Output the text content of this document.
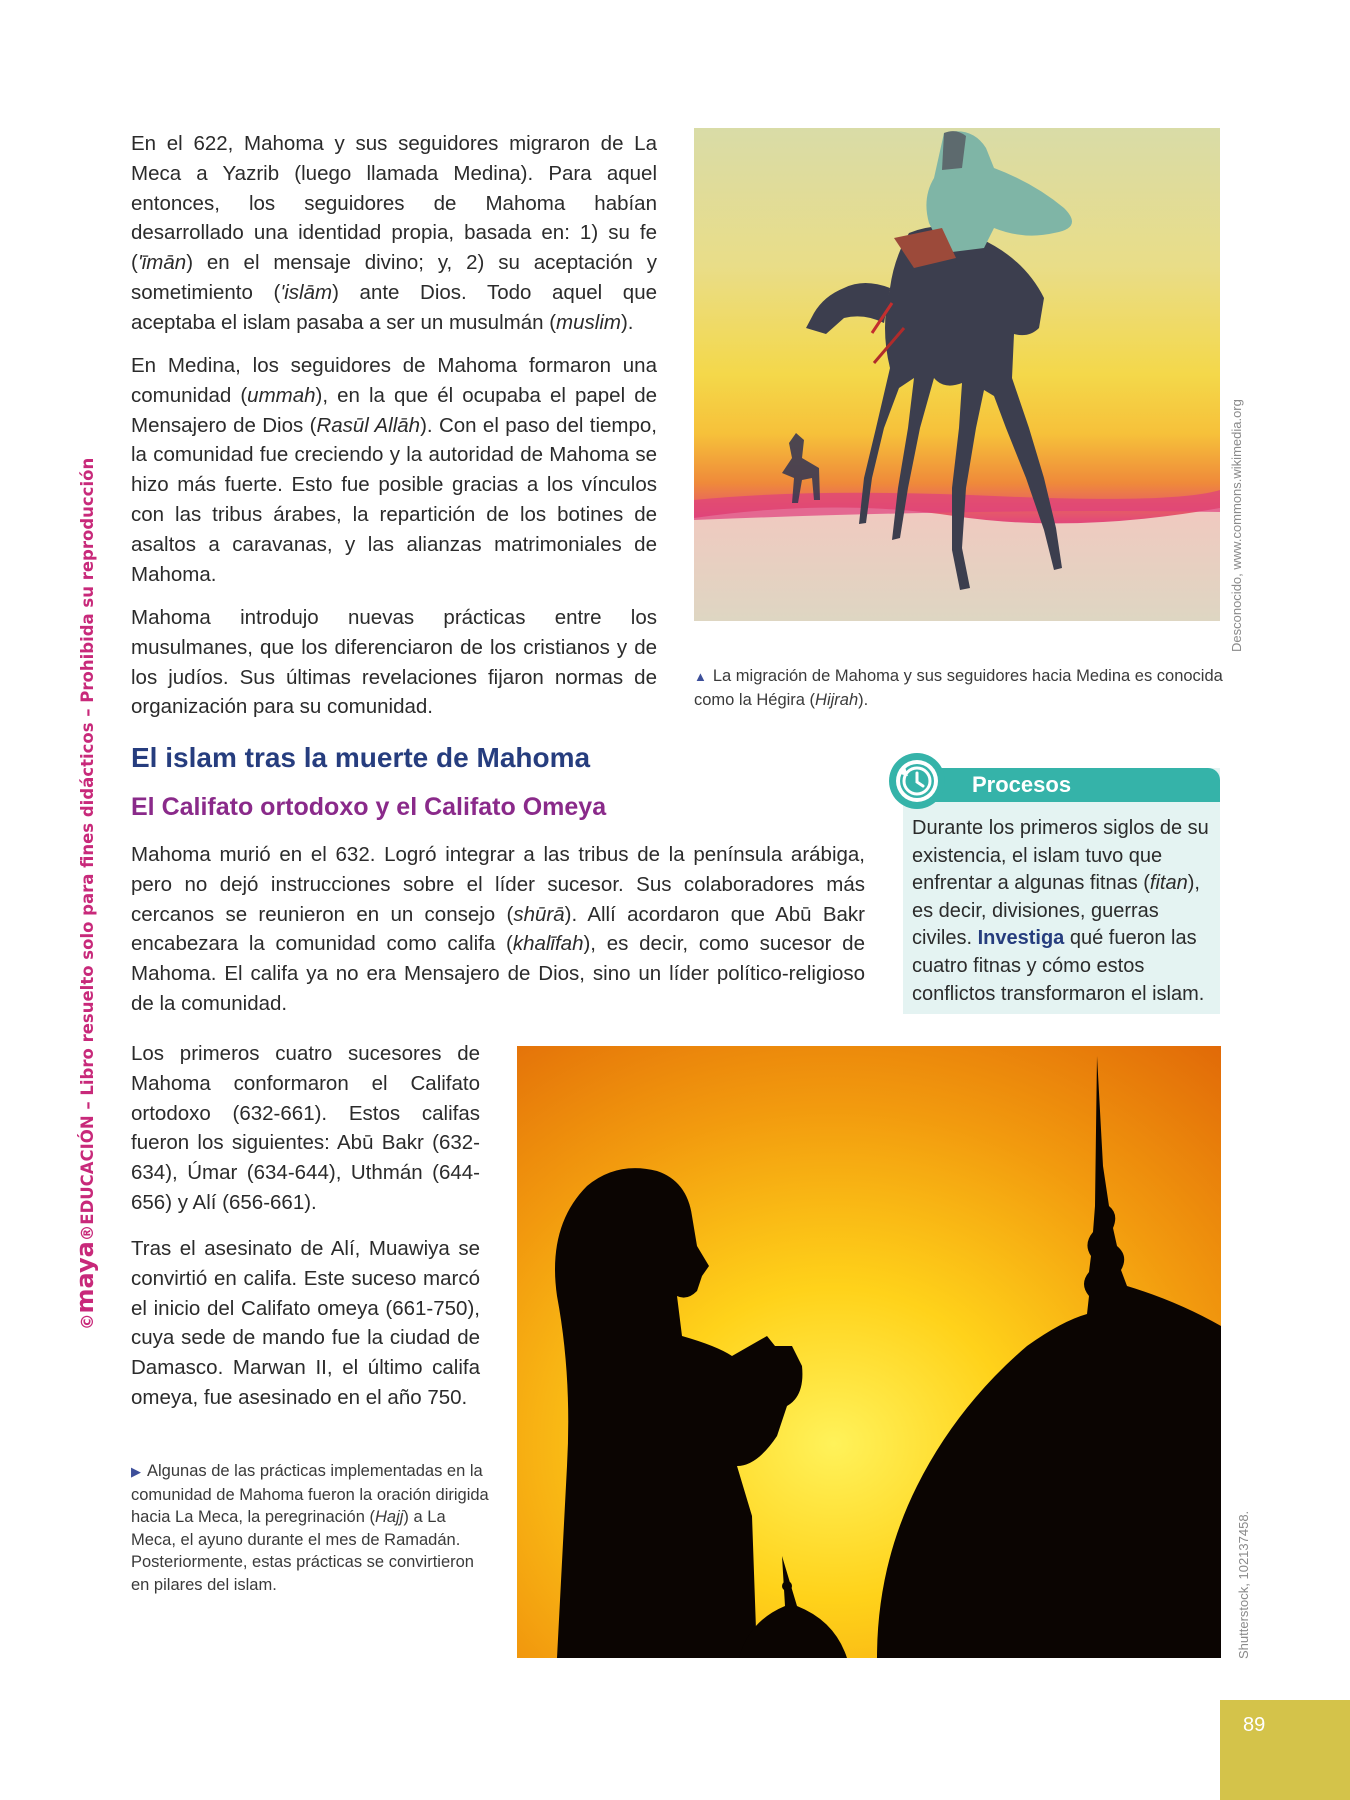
©maya®EDUCACIÓN – Libro resuelto solo para fines didácticos – Prohibida su reproducción

En el 622, Mahoma y sus seguidores migraron de La Meca a Yazrib (luego llamada Medina). Para aquel entonces, los seguidores de Mahoma habían desarrollado una identidad propia, basada en: 1) su fe ('īmān) en el mensaje divino; y, 2) su aceptación y sometimiento ('islām) ante Dios. Todo aquel que aceptaba el islam pasaba a ser un musulmán (muslim).

En Medina, los seguidores de Mahoma formaron una comunidad (ummah), en la que él ocupaba el papel de Mensajero de Dios (Rasūl Allāh). Con el paso del tiempo, la comunidad fue creciendo y la autoridad de Mahoma se hizo más fuerte. Esto fue posible gracias a los vínculos con las tribus árabes, la repartición de los botines de asaltos a caravanas, y las alianzas matrimoniales de Mahoma.

Mahoma introdujo nuevas prácticas entre los musulmanes, que los diferenciaron de los cristianos y de los judíos. Sus últimas revelaciones fijaron normas de organización para su comunidad.

Desconocido, www.commons.wikimedia.org
▲ La migración de Mahoma y sus seguidores hacia Medina es conocida como la Hégira (Hijrah).
El islam tras la muerte de Mahoma
El Califato ortodoxo y el Califato Omeya
Procesos

Durante los primeros siglos de su existencia, el islam tuvo que enfrentar a algunas fitnas (fitan), es decir, divisiones, guerras civiles. Investiga qué fueron las cuatro fitnas y cómo estos conflictos transformaron el islam.

Mahoma murió en el 632. Logró integrar a las tribus de la península arábiga, pero no dejó instrucciones sobre el líder sucesor. Sus colaboradores más cercanos se reunieron en un consejo (shūrā). Allí acordaron que Abū Bakr encabezara la comunidad como califa (khalīfah), es decir, como sucesor de Mahoma. El califa ya no era Mensajero de Dios, sino un líder político-religioso de la comunidad.

Los primeros cuatro sucesores de Mahoma conformaron el Califato ortodoxo (632-661). Estos califas fueron los siguientes: Abū Bakr (632-634), Úmar (634-644), Uthmán (644-656) y Alí (656-661).

Tras el asesinato de Alí, Muawiya se convirtió en califa. Este suceso marcó el inicio del Califato omeya (661-750), cuya sede de mando fue la ciudad de Damasco. Marwan II, el último califa omeya, fue asesinado en el año 750.

Shutterstock, 102137458.
▶ Algunas de las prácticas implementadas en la comunidad de Mahoma fueron la oración dirigida hacia La Meca, la peregrinación (Hajj) a La Meca, el ayuno durante el mes de Ramadán. Posteriormente, estas prácticas se convirtieron en pilares del islam.
89
